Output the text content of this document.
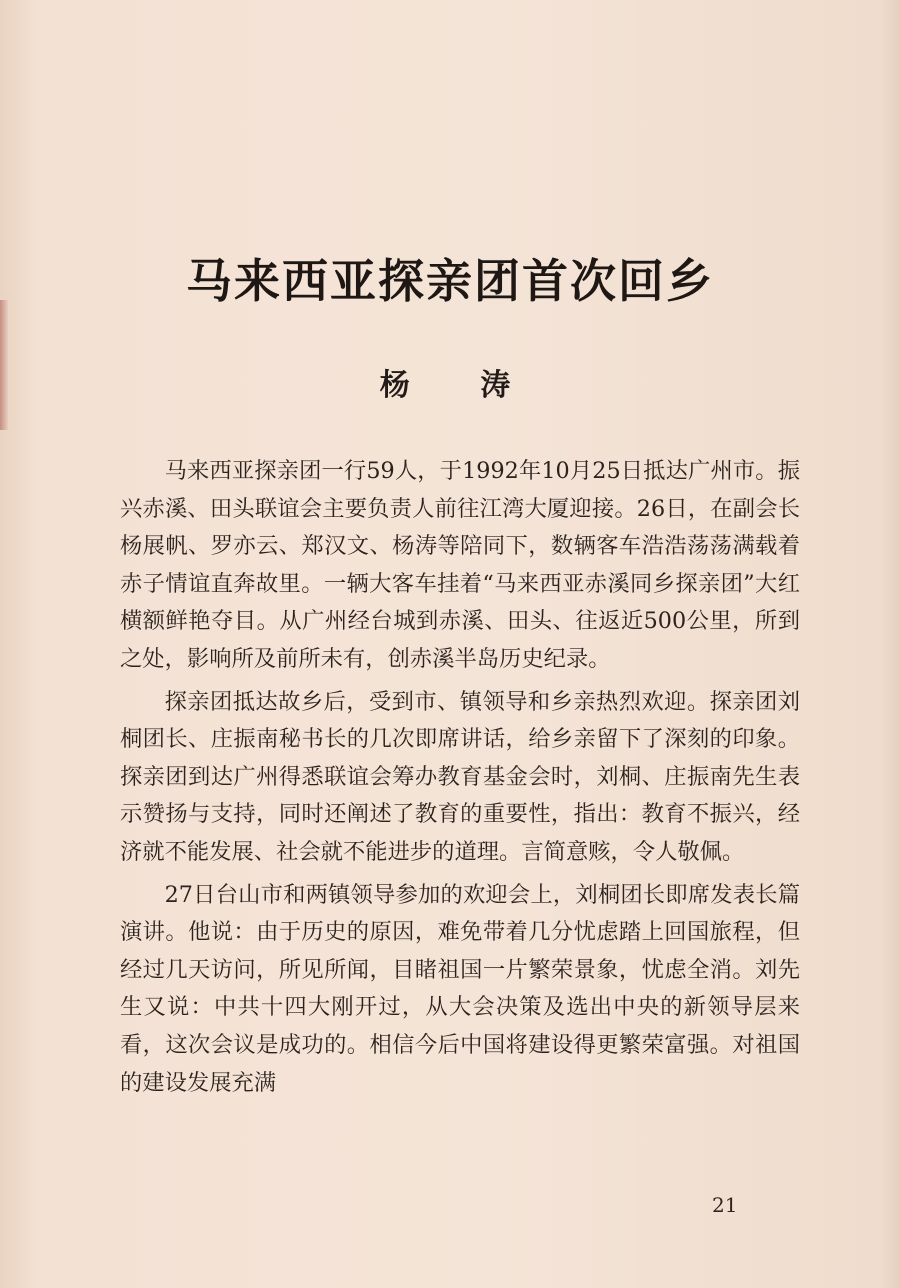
马来西亚探亲团首次回乡
杨 涛

马来西亚探亲团一行59人，于1992年10月25日抵达广州市。振兴赤溪、田头联谊会主要负责人前往江湾大厦迎接。26日，在副会长杨展帆、罗亦云、郑汉文、杨涛等陪同下，数辆客车浩浩荡荡满载着赤子情谊直奔故里。一辆大客车挂着“马来西亚赤溪同乡探亲团”大红横额鲜艳夺目。从广州经台城到赤溪、田头、往返近500公里，所到之处，影响所及前所未有，创赤溪半岛历史纪录。

探亲团抵达故乡后，受到市、镇领导和乡亲热烈欢迎。探亲团刘桐团长、庄振南秘书长的几次即席讲话，给乡亲留下了深刻的印象。探亲团到达广州得悉联谊会筹办教育基金会时，刘桐、庄振南先生表示赞扬与支持，同时还阐述了教育的重要性，指出：教育不振兴，经济就不能发展、社会就不能进步的道理。言简意赅，令人敬佩。

27日台山市和两镇领导参加的欢迎会上，刘桐团长即席发表长篇演讲。他说：由于历史的原因，难免带着几分忧虑踏上回国旅程，但经过几天访问，所见所闻，目睹祖国一片繁荣景象，忧虑全消。刘先生又说：中共十四大刚开过，从大会决策及选出中央的新领导层来看，这次会议是成功的。相信今后中国将建设得更繁荣富强。对祖国的建设发展充满

21
